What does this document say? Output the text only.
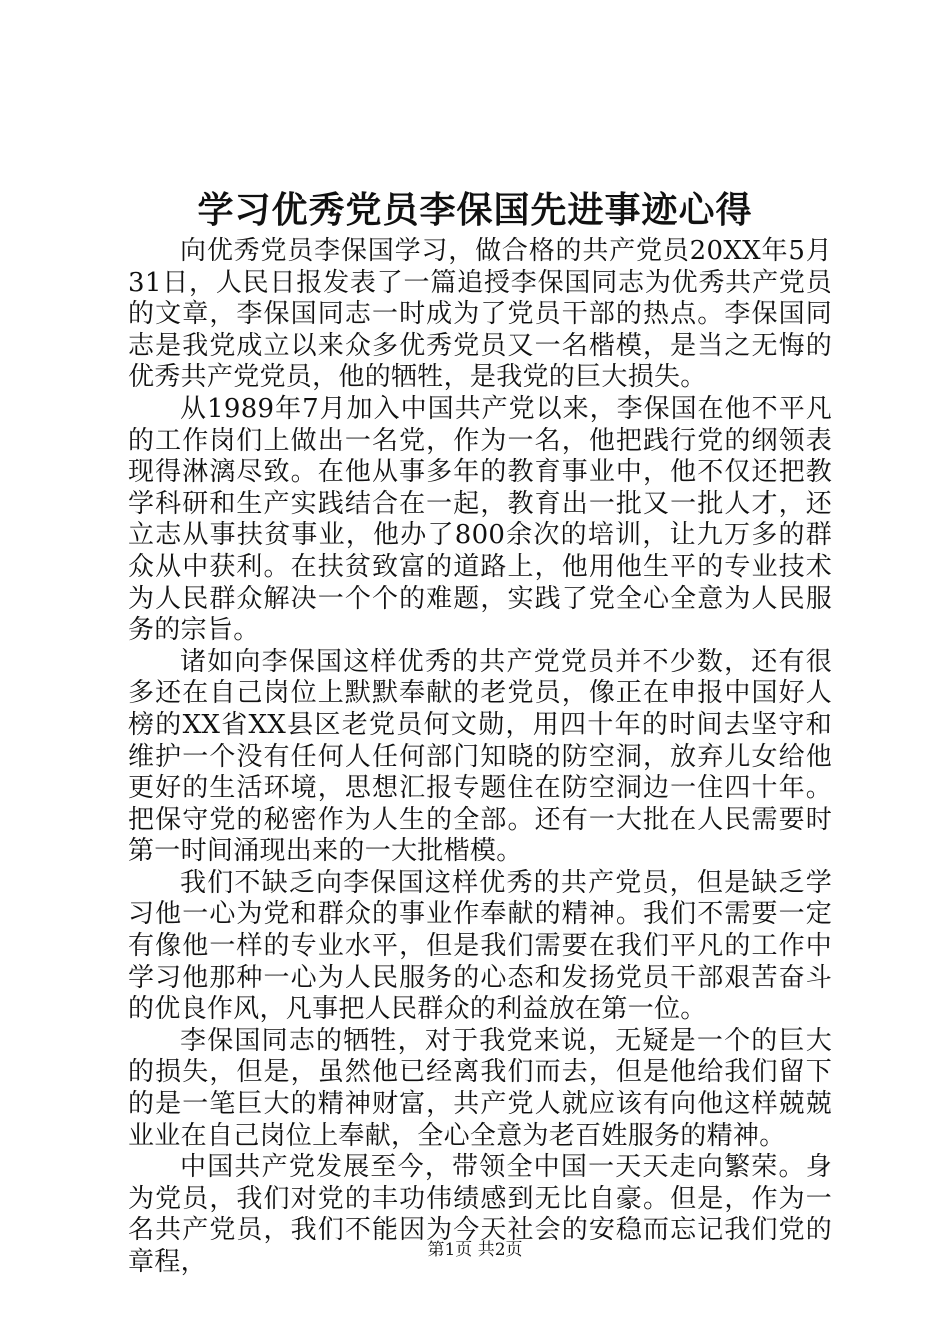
学习优秀党员李保国先进事迹心得

向优秀党员李保国学习，做合格的共产党员20XX年5月31日，人民日报发表了一篇追授李保国同志为优秀共产党员的文章，李保国同志一时成为了党员干部的热点。李保国同志是我党成立以来众多优秀党员又一名楷模，是当之无悔的优秀共产党党员，他的牺牲，是我党的巨大损失。

从1989年7月加入中国共产党以来，李保国在他不平凡的工作岗们上做出一名党，作为一名，他把践行党的纲领表现得淋漓尽致。在他从事多年的教育事业中，他不仅还把教学科研和生产实践结合在一起，教育出一批又一批人才，还立志从事扶贫事业，他办了800余次的培训，让九万多的群众从中获利。在扶贫致富的道路上，他用他生平的专业技术为人民群众解决一个个的难题，实践了党全心全意为人民服务的宗旨。

诸如向李保国这样优秀的共产党党员并不少数，还有很多还在自己岗位上默默奉献的老党员，像正在申报中国好人榜的XX省XX县区老党员何文勋，用四十年的时间去坚守和维护一个没有任何人任何部门知晓的防空洞，放弃儿女给他更好的生活环境，思想汇报专题住在防空洞边一住四十年。把保守党的秘密作为人生的全部。还有一大批在人民需要时第一时间涌现出来的一大批楷模。

我们不缺乏向李保国这样优秀的共产党员，但是缺乏学习他一心为党和群众的事业作奉献的精神。我们不需要一定有像他一样的专业水平，但是我们需要在我们平凡的工作中学习他那种一心为人民服务的心态和发扬党员干部艰苦奋斗的优良作风，凡事把人民群众的利益放在第一位。

李保国同志的牺牲，对于我党来说，无疑是一个的巨大的损失，但是，虽然他已经离我们而去，但是他给我们留下的是一笔巨大的精神财富，共产党人就应该有向他这样兢兢业业在自己岗位上奉献，全心全意为老百姓服务的精神。

中国共产党发展至今，带领全中国一天天走向繁荣。身为党员，我们对党的丰功伟绩感到无比自豪。但是，作为一名共产党员，我们不能因为今天社会的安稳而忘记我们党的章程，	第1页 共2页
